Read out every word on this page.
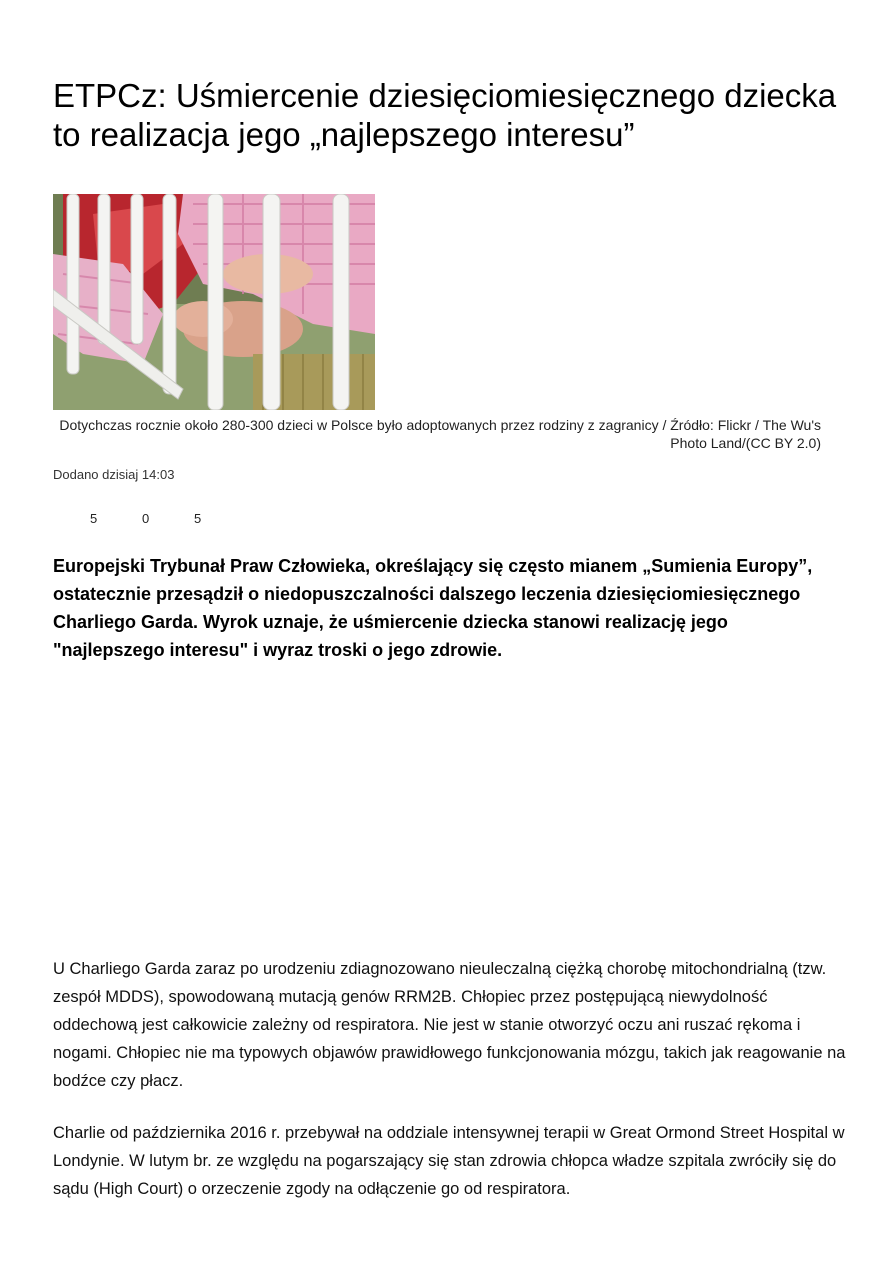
ETPCz: Uśmiercenie dziesięciomiesięcznego dziecka to realizacja jego „najlepszego interesu”
Dotychczas rocznie około 280-300 dzieci w Polsce było adoptowanych przez rodziny z zagranicy / Źródło: Flickr / The Wu's Photo Land/(CC BY 2.0)
Dodano dzisiaj 14:03
5	0	5

Europejski Trybunał Praw Człowieka, określający się często mianem „Sumienia Europy”, ostatecznie przesądził o niedopuszczalności dalszego leczenia dziesięciomiesięcznego Charliego Garda. Wyrok uznaje, że uśmiercenie dziecka stanowi realizację jego "najlepszego interesu" i wyraz troski o jego zdrowie.

U Charliego Garda zaraz po urodzeniu zdiagnozowano nieuleczalną ciężką chorobę mitochondrialną (tzw. zespół MDDS), spowodowaną mutacją genów RRM2B. Chłopiec przez postępującą niewydolność oddechową jest całkowicie zależny od respiratora. Nie jest w stanie otworzyć oczu ani ruszać rękoma i nogami. Chłopiec nie ma typowych objawów prawidłowego funkcjonowania mózgu, takich jak reagowanie na bodźce czy płacz.

Charlie od października 2016 r. przebywał na oddziale intensywnej terapii w Great Ormond Street Hospital w Londynie. W lutym br. ze względu na pogarszający się stan zdrowia chłopca władze szpitala zwróciły się do sądu (High Court) o orzeczenie zgody na odłączenie go od respiratora.
